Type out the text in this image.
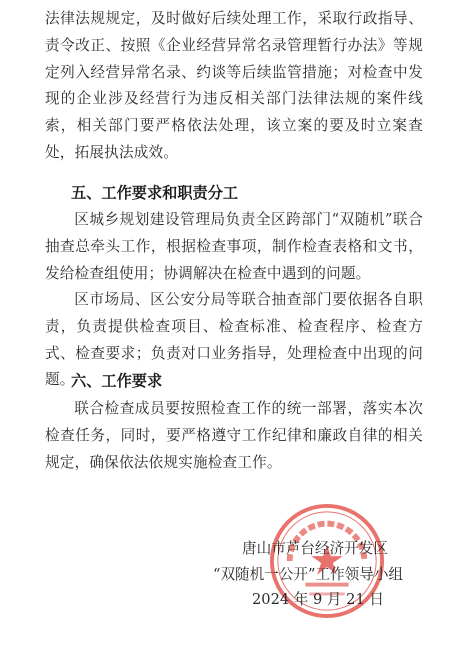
法律法规规定，及时做好后续处理工作，采取行政指导、责令改正、按照《企业经营异常名录管理暂行办法》等规定列入经营异常名录、约谈等后续监管措施；对检查中发现的企业涉及经营行为违反相关部门法律法规的案件线索，相关部门要严格依法处理，该立案的要及时立案查处，拓展执法成效。

五、工作要求和职责分工

区城乡规划建设管理局负责全区跨部门“双随机”联合抽查总牵头工作，根据检查事项，制作检查表格和文书，发给检查组使用；协调解决在检查中遇到的问题。

区市场局、区公安分局等联合抽查部门要依据各自职责，负责提供检查项目、检查标准、检查程序、检查方式、检查要求；负责对口业务指导，处理检查中出现的问题。

六、工作要求

联合检查成员要按照检查工作的统一部署，落实本次检查任务，同时，要严格遵守工作纪律和廉政自律的相关规定，确保依法依规实施检查工作。

唐山市芦台经济开发区
“双随机一公开”工作领导小组
2024 年 9 月 21 日
